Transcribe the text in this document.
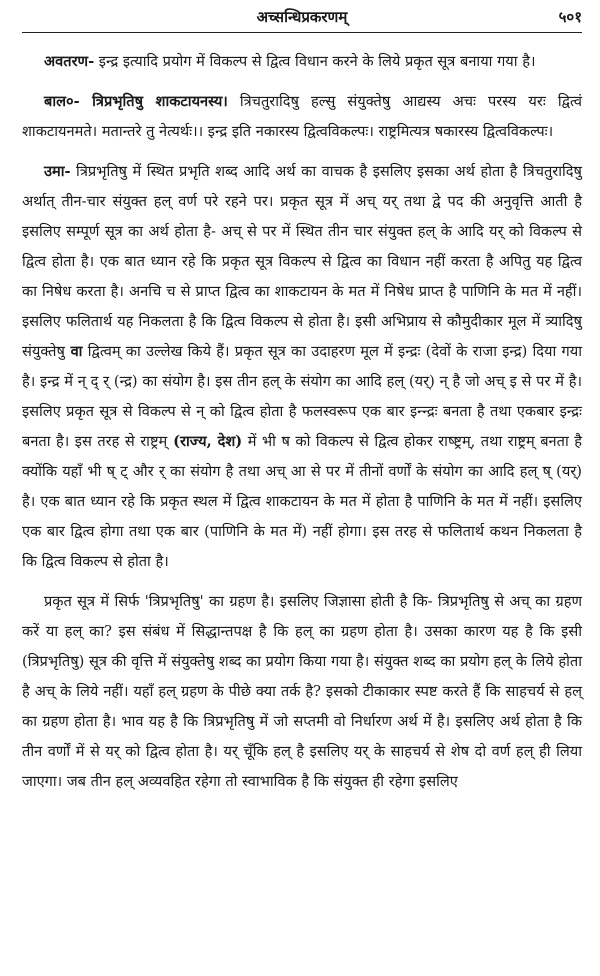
अच्सन्धिप्रकरणम्	५०१

अवतरण- इन्द्र इत्यादि प्रयोग में विकल्प से द्वित्व विधान करने के लिये प्रकृत सूत्र बनाया गया है।

बाल०- त्रिप्रभृतिषु शाकटायनस्य। त्रिचतुरादिषु हल्सु संयुक्तेषु आद्यस्य अचः परस्य यरः द्वित्वं शाकटायनमते। मतान्तरे तु नेत्यर्थः।। इन्द्र इति नकारस्य द्वित्वविकल्पः। राष्ट्रमित्यत्र षकारस्य द्वित्वविकल्पः।

उमा- त्रिप्रभृतिषु में स्थित प्रभृति शब्द आदि अर्थ का वाचक है इसलिए इसका अर्थ होता है त्रिचतुरादिषु अर्थात् तीन-चार संयुक्त हल् वर्ण परे रहने पर। प्रकृत सूत्र में अच् यर् तथा द्वे पद की अनुवृत्ति आती है इसलिए सम्पूर्ण सूत्र का अर्थ होता है- अच् से पर में स्थित तीन चार संयुक्त हल् के आदि यर् को विकल्प से द्वित्व होता है। एक बात ध्यान रहे कि प्रकृत सूत्र विकल्प से द्वित्व का विधान नहीं करता है अपितु यह द्वित्व का निषेध करता है। अनचि च से प्राप्त द्वित्व का शाकटायन के मत में निषेध प्राप्त है पाणिनि के मत में नहीं। इसलिए फलितार्थ यह निकलता है कि द्वित्व विकल्प से होता है। इसी अभिप्राय से कौमुदीकार मूल में त्र्यादिषु संयुक्तेषु वा द्वित्वम् का उल्लेख किये हैं। प्रकृत सूत्र का उदाहरण मूल में इन्द्रः (देवों के राजा इन्द्र) दिया गया है। इन्द्र में न् द् र् (न्द्र) का संयोग है। इस तीन हल् के संयोग का आदि हल् (यर्) न् है जो अच् इ से पर में है। इसलिए प्रकृत सूत्र से विकल्प से न् को द्वित्व होता है फलस्वरूप एक बार इन्न्द्रः बनता है तथा एकबार इन्द्रः बनता है। इस तरह से राष्ट्रम् (राज्य, देश) में भी ष को विकल्प से द्वित्व होकर राष्ष्ट्रम्, तथा राष्ट्रम् बनता है क्योंकि यहाँ भी ष् ट् और र् का संयोग है तथा अच् आ से पर में तीनों वर्णों के संयोग का आदि हल् ष् (यर्) है। एक बात ध्यान रहे कि प्रकृत स्थल में द्वित्व शाकटायन के मत में होता है पाणिनि के मत में नहीं। इसलिए एक बार द्वित्व होगा तथा एक बार (पाणिनि के मत में) नहीं होगा। इस तरह से फलितार्थ कथन निकलता है कि द्वित्व विकल्प से होता है।

प्रकृत सूत्र में सिर्फ 'त्रिप्रभृतिषु' का ग्रहण है। इसलिए जिज्ञासा होती है कि- त्रिप्रभृतिषु से अच् का ग्रहण करें या हल् का? इस संबंध में सिद्धान्तपक्ष है कि हल् का ग्रहण होता है। उसका कारण यह है कि इसी (त्रिप्रभृतिषु) सूत्र की वृत्ति में संयुक्तेषु शब्द का प्रयोग किया गया है। संयुक्त शब्द का प्रयोग हल् के लिये होता है अच् के लिये नहीं। यहाँ हल् ग्रहण के पीछे क्या तर्क है? इसको टीकाकार स्पष्ट करते हैं कि साहचर्य से हल् का ग्रहण होता है। भाव यह है कि त्रिप्रभृतिषु में जो सप्तमी वो निर्धारण अर्थ में है। इसलिए अर्थ होता है कि तीन वर्णों में से यर् को द्वित्व होता है। यर् चूँकि हल् है इसलिए यर् के साहचर्य से शेष दो वर्ण हल् ही लिया जाएगा। जब तीन हल् अव्यवहित रहेगा तो स्वाभाविक है कि संयुक्त ही रहेगा इसलिए
